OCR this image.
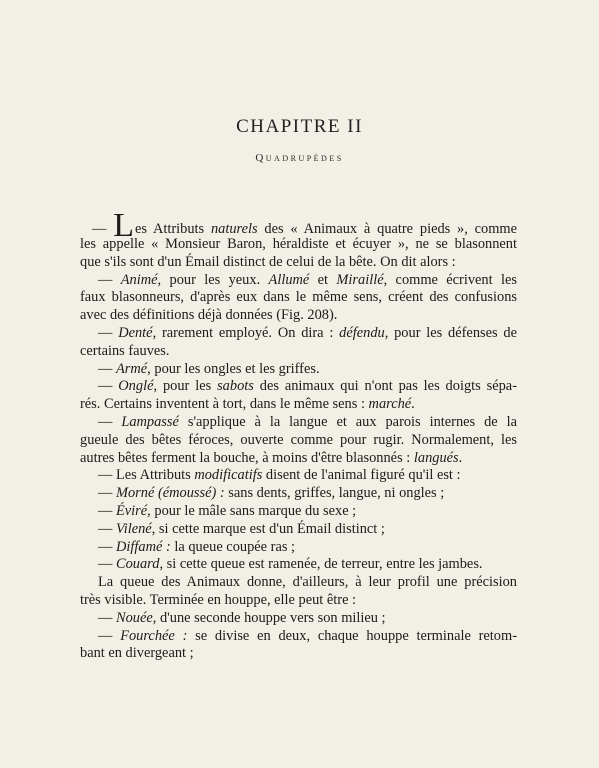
CHAPITRE II
Quadrupèdes
— Les Attributs naturels des « Animaux à quatre pieds », comme
les appelle « Monsieur Baron, héraldiste et écuyer », ne se blasonnent
que s'ils sont d'un Émail distinct de celui de la bête. On dit alors :
— Animé, pour les yeux. Allumé et Miraillé, comme écrivent les
faux blasonneurs, d'après eux dans le même sens, créent des confusions
avec des définitions déjà données (Fig. 208).
— Denté, rarement employé. On dira : défendu, pour les défenses de
certains fauves.
— Armé, pour les ongles et les griffes.
— Onglé, pour les sabots des animaux qui n'ont pas les doigts sépa-
rés. Certains inventent à tort, dans le même sens : marché.
— Lampassé s'applique à la langue et aux parois internes de la
gueule des bêtes féroces, ouverte comme pour rugir. Normalement, les
autres bêtes ferment la bouche, à moins d'être blasonnés : langués.
— Les Attributs modificatifs disent de l'animal figuré qu'il est :
— Morné (émoussé) : sans dents, griffes, langue, ni ongles ;
— Éviré, pour le mâle sans marque du sexe ;
— Vilené, si cette marque est d'un Émail distinct ;
— Diffamé : la queue coupée ras ;
— Couard, si cette queue est ramenée, de terreur, entre les jambes.
La queue des Animaux donne, d'ailleurs, à leur profil une précision
très visible. Terminée en houppe, elle peut être :
— Nouée, d'une seconde houppe vers son milieu ;
— Fourchée : se divise en deux, chaque houppe terminale retom-
bant en divergeant ;
